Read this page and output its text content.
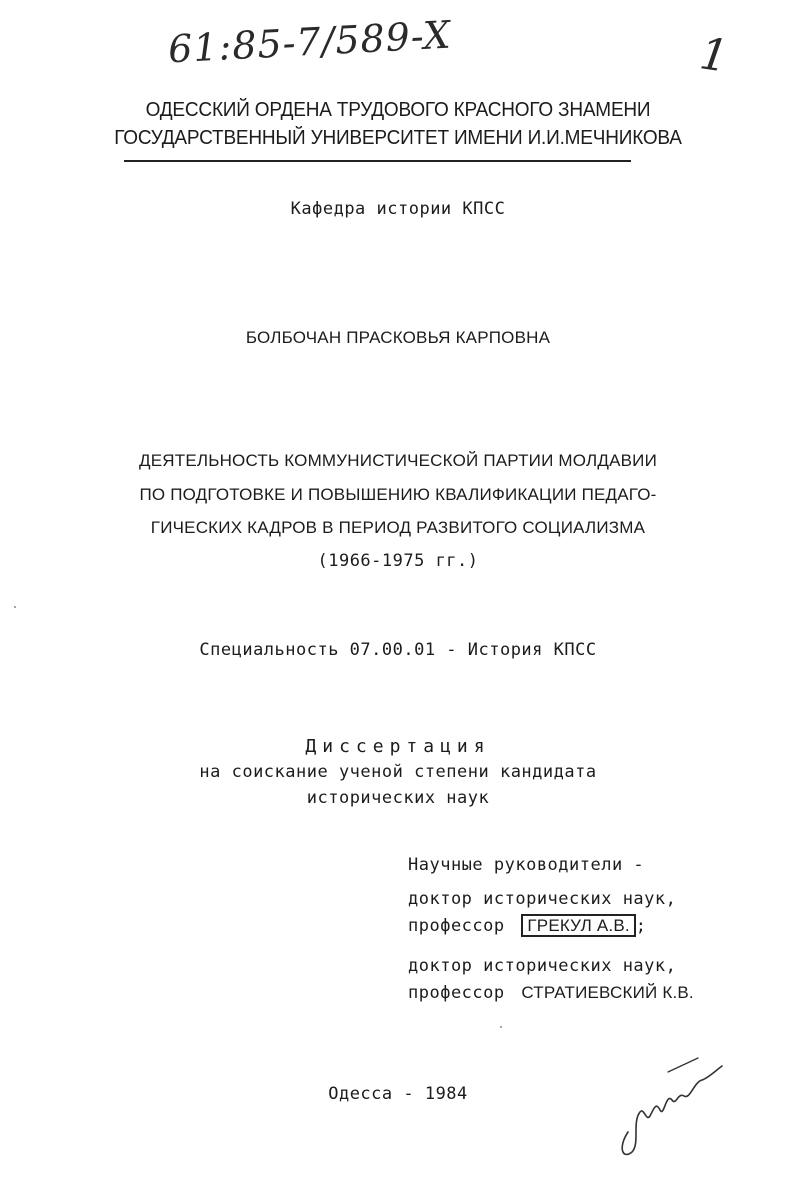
61:85-7/589-X	1
ОДЕССКИЙ ОРДЕНА ТРУДОВОГО КРАСНОГО ЗНАМЕНИ
ГОСУДАРСТВЕННЫЙ УНИВЕРСИТЕТ ИМЕНИ И.И.МЕЧНИКОВА
Кафедра истории КПСС
БОЛБОЧАН ПРАСКОВЬЯ КАРПОВНА
ДЕЯТЕЛЬНОСТЬ КОММУНИСТИЧЕСКОЙ ПАРТИИ МОЛДАВИИ
ПО ПОДГОТОВКЕ И ПОВЫШЕНИЮ КВАЛИФИКАЦИИ ПЕДАГО-
ГИЧЕСКИХ КАДРОВ В ПЕРИОД РАЗВИТОГО СОЦИАЛИЗМА
(1966-1975 гг.)
Специальность 07.00.01 - История КПСС
Диссертация
на соискание ученой степени кандидата
исторических наук
Научные руководители -
доктор исторических наук,
профессор ГРЕКУЛ А.В. ;
доктор исторических наук,
профессор СТРАТИЕВСКИЙ К.В.
Одесса - 1984
